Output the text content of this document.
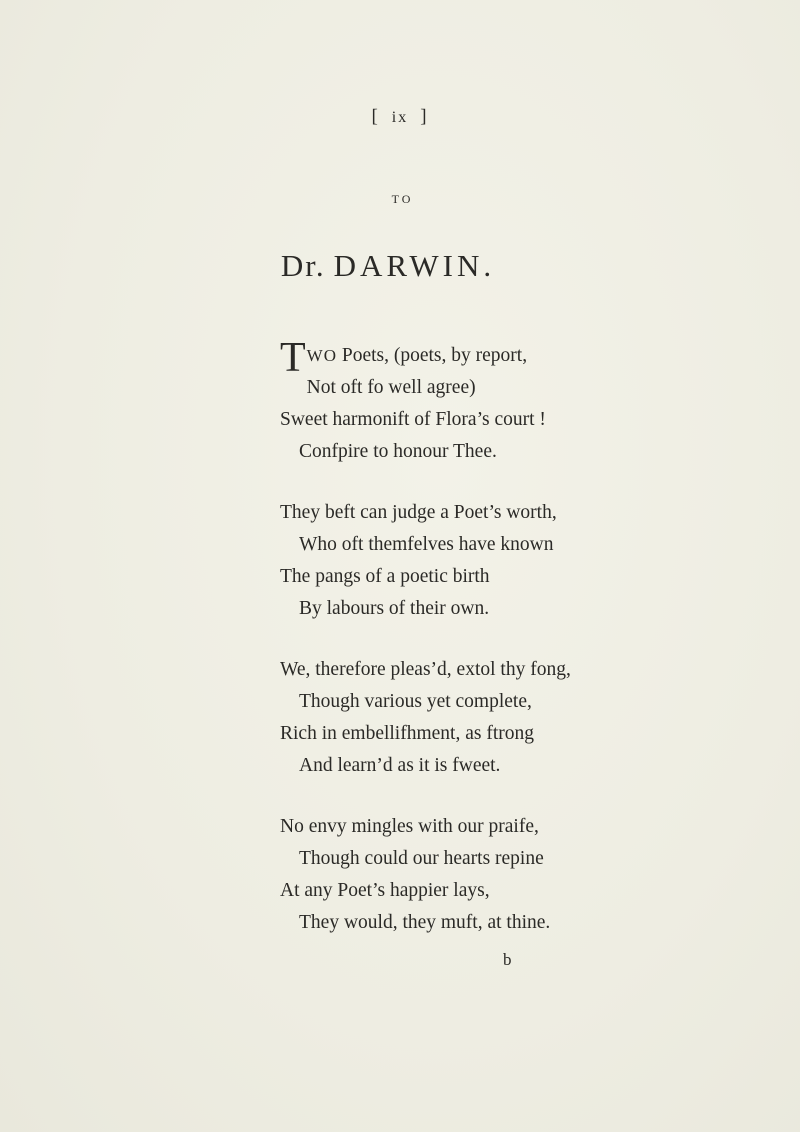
[ ix ]
TO
Dr. DARWIN.
TWO Poets, (poets, by report,
Not oft fo well agree)
Sweet harmonift of Flora’s court !
Confpire to honour Thee.
They beft can judge a Poet’s worth,
Who oft themfelves have known
The pangs of a poetic birth
By labours of their own.
We, therefore pleas’d, extol thy fong,
Though various yet complete,
Rich in embellifhment, as ftrong
And learn’d as it is fweet.
No envy mingles with our praife,
Though could our hearts repine
At any Poet’s happier lays,
They would, they muft, at thine.
b
